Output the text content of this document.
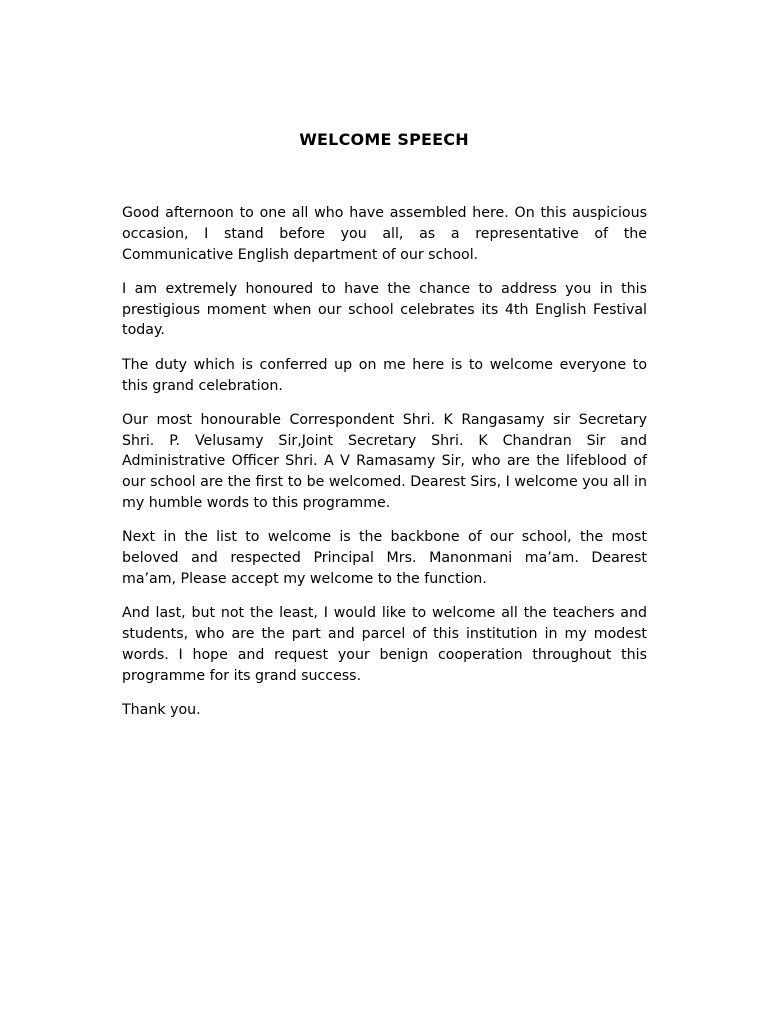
WELCOME SPEECH

Good afternoon to one all who have assembled here. On this auspicious occasion, I stand before you all, as a representative of the Communicative English department of our school.

I am extremely honoured to have the chance to address you in this prestigious moment when our school celebrates its 4th English Festival today.

The duty which is conferred up on me here is to welcome everyone to this grand celebration.

Our most honourable Correspondent Shri. K Rangasamy sir Secretary Shri. P. Velusamy Sir,Joint Secretary Shri. K Chandran Sir and Administrative Officer Shri. A V Ramasamy Sir, who are the lifeblood of our school are the first to be welcomed. Dearest Sirs, I welcome you all in my humble words to this programme.

Next in the list to welcome is the backbone of our school, the most beloved and respected Principal Mrs. Manonmani ma’am. Dearest ma’am, Please accept my welcome to the function.

And last, but not the least, I would like to welcome all the teachers and students, who are the part and parcel of this institution in my modest words. I hope and request your benign cooperation throughout this programme for its grand success.

Thank you.
